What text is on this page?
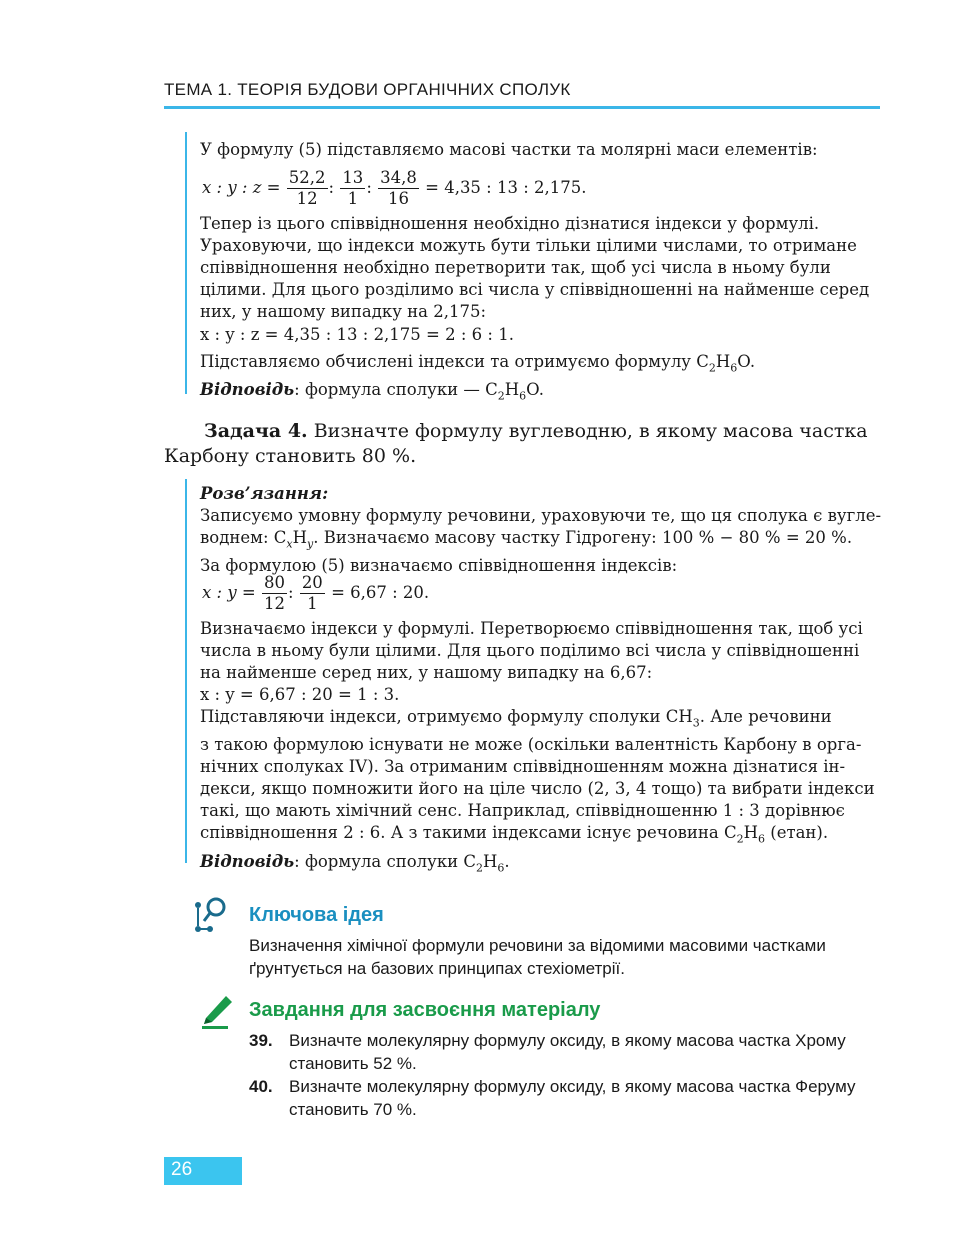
ТЕМА 1. ТЕОРІЯ БУДОВИ ОРГАНІЧНИХ СПОЛУК
У формулу (5) підставляємо масові частки та молярні маси елементів:
x : y : $z = \frac{52,2}{12}$ : $\frac{13}{1}$ : $\frac{34,8}{16} = 4,35$ : 13 : 2,175.
Тепер із цього співвідношення необхідно дізнатися індекси у формулі.
Ураховуючи, що індекси можуть бути тільки цілими числами, то отримане
співвідношення необхідно перетворити так, щоб усі числа в ньому були
цілими. Для цього розділимо всі числа у співвідношенні на найменше серед
них, у нашому випадку на 2,175:
x : y : z = 4,35 : 13 : 2,175 = 2 : 6 : 1.
Підставляємо обчислені індекси та отримуємо формулу $C_2H_6O$.
Відповідь: формула сполуки — $C_2H_6O$.
Задача 4. Визначте формулу вуглеводню, в якому масова частка
Карбону становить 80 %.
Розв’язання:
Записуємо умовну формулу речовини, ураховуючи те, що ця сполука є вугле-
воднем: $C_xH_y$. Визначаємо масову частку Гідрогену: 100 % − 80 % = 20 %.
За формулою (5) визначаємо співвідношення індексів:
x : $y = \frac{80}{12}$ : $\frac{20}{1} = 6,67$ : 20.
Визначаємо індекси у формулі. Перетворюємо співвідношення так, щоб усі
числа в ньому були цілими. Для цього поділимо всі числа у співвідношенні
на найменше серед них, у нашому випадку на 6,67:
x : y = 6,67 : 20 = 1 : 3.
Підставляючи індекси, отримуємо формулу сполуки $CH_3$. Але речовини
з такою формулою існувати не може (оскільки валентність Карбону в орга-
нічних сполуках IV). За отриманим співвідношенням можна дізнатися ін-
декси, якщо помножити його на ціле число (2, 3, 4 тощо) та вибрати індекси
такі, що мають хімічний сенс. Наприклад, співвідношенню 1 : 3 дорівнює
співвідношення 2 : 6. А з такими індексами існує речовина $C_2H_6$ (етан).
Відповідь: формула сполуки $C_2H_6$.
Ключова ідея
Визначення хімічної формули речовини за відомими масовими частками
ґрунтується на базових принципах стехіометрії.
Завдання для засвоєння матеріалу
39. Визначте молекулярну формулу оксиду, в якому масова частка Хрому
становить 52 %.
40. Визначте молекулярну формулу оксиду, в якому масова частка Феруму
становить 70 %.
26
